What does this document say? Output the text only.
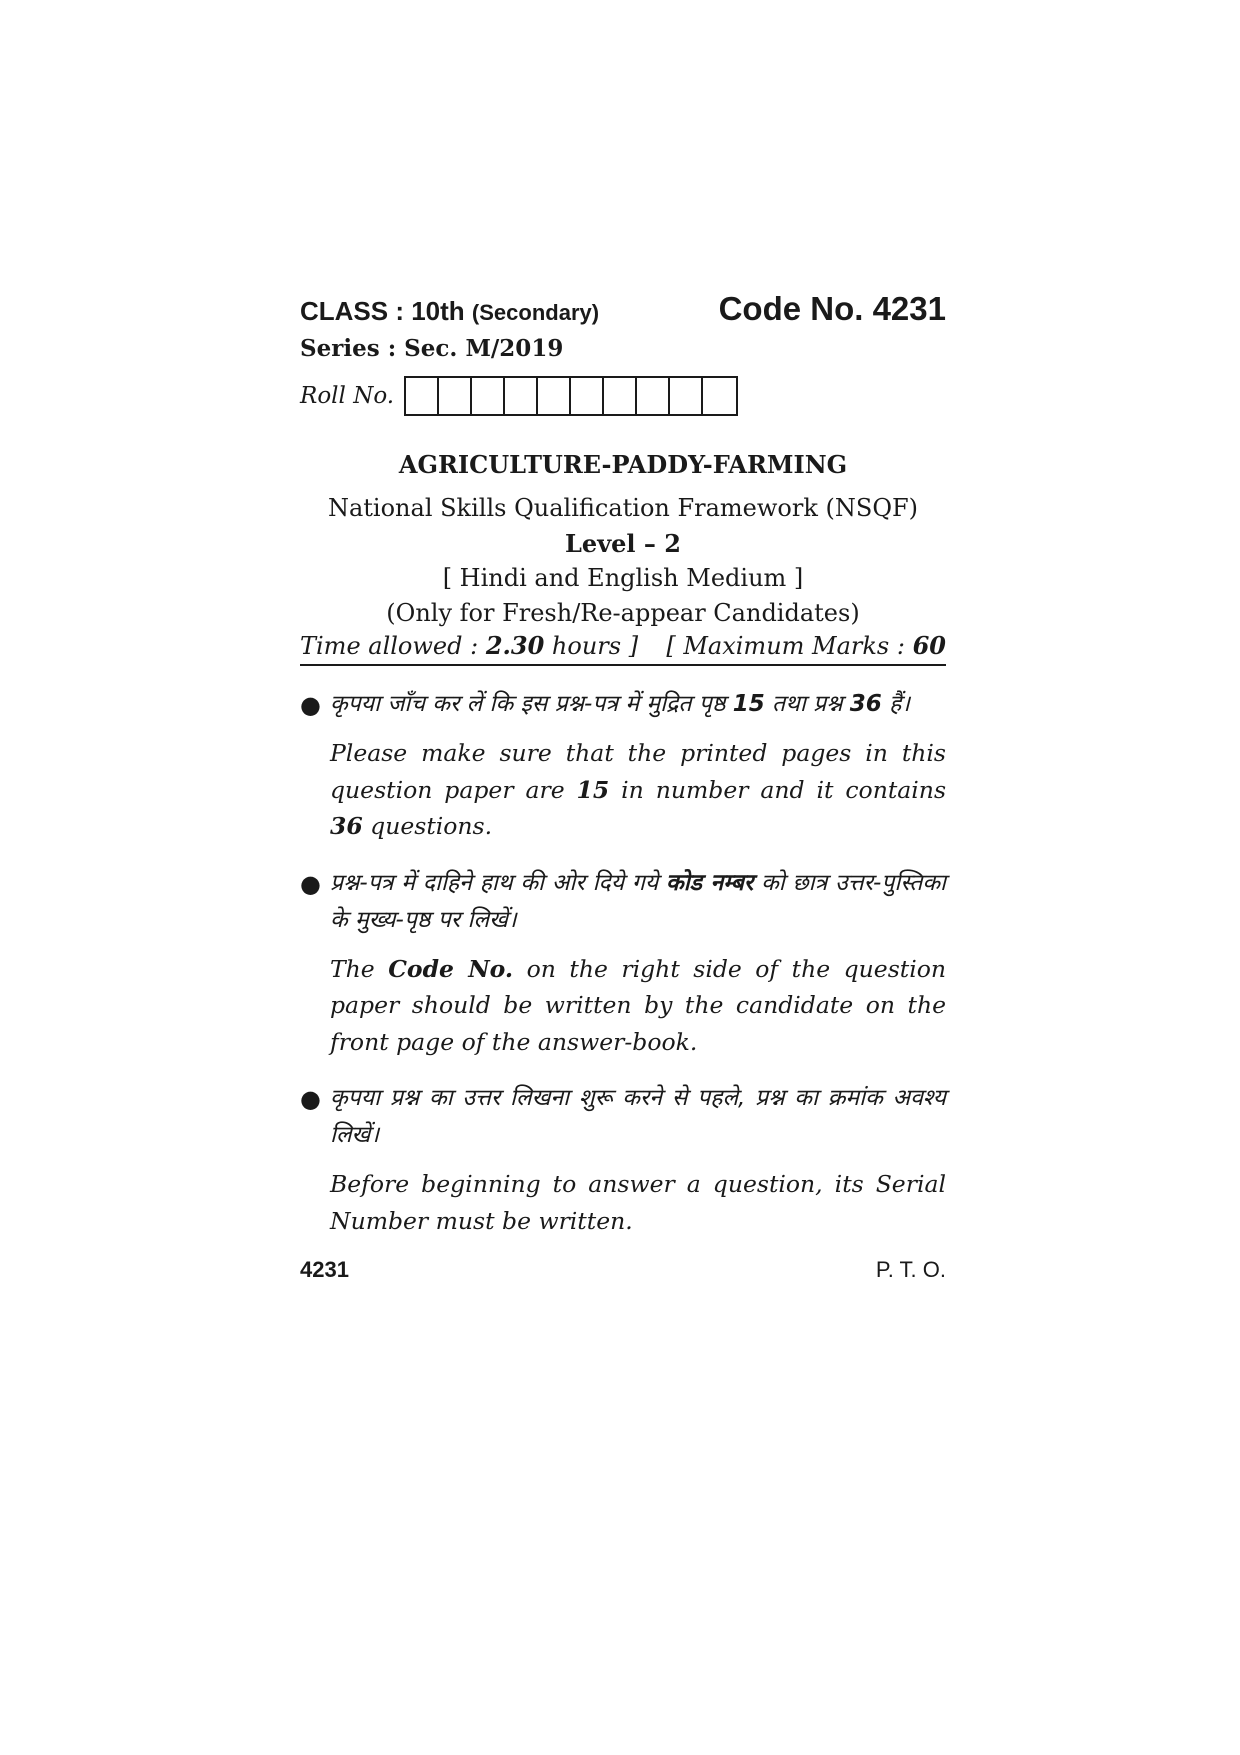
CLASS : 10th (Secondary)	Code No. 4231
Series : Sec. M/2019
Roll No.
AGRICULTURE-PADDY-FARMING
National Skills Qualification Framework (NSQF)
Level – 2
[ Hindi and English Medium ]
(Only for Fresh/Re-appear Candidates)
Time allowed : 2.30 hours ] [ Maximum Marks : 60
● कृपया जाँच कर लें कि इस प्रश्न-पत्र में मुद्रित पृष्ठ 15 तथा प्रश्न 36 हैं।
Please make sure that the printed pages in this question paper are 15 in number and it contains 36 questions.
● प्रश्न-पत्र में दाहिने हाथ की ओर दिये गये कोड नम्बर को छात्र उत्तर-पुस्तिका के मुख्य-पृष्ठ पर लिखें।
The Code No. on the right side of the question paper should be written by the candidate on the front page of the answer-book.
● कृपया प्रश्न का उत्तर लिखना शुरू करने से पहले, प्रश्न का क्रमांक अवश्य लिखें।
Before beginning to answer a question, its Serial Number must be written.
4231	P. T. O.
